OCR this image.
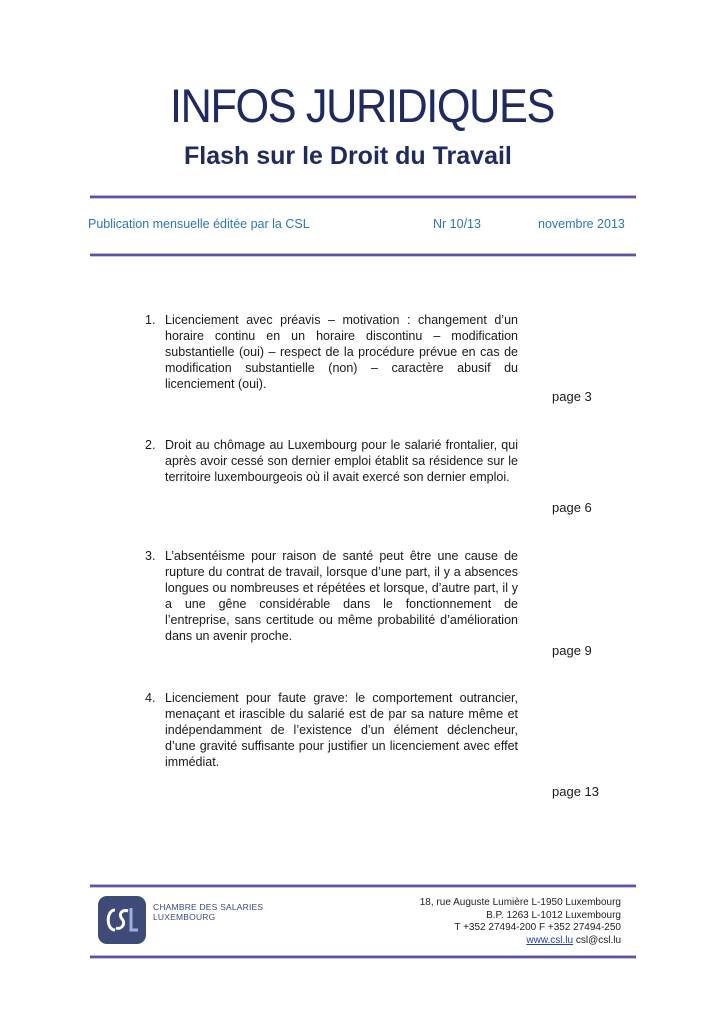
INFOS JURIDIQUES
Flash sur le Droit du Travail
Publication mensuelle éditée par la CSL	Nr 10/13	novembre 2013
1. Licenciement avec préavis – motivation : changement d’un horaire continu en un horaire discontinu – modification substantielle (oui) – respect de la procédure prévue en cas de modification substantielle (non) – caractère abusif du licenciement (oui).
page 3
2. Droit au chômage au Luxembourg pour le salarié frontalier, qui après avoir cessé son dernier emploi établit sa résidence sur le territoire luxembourgeois où il avait exercé son dernier emploi.
page 6
3. L’absentéisme pour raison de santé peut être une cause de rupture du contrat de travail, lorsque d’une part, il y a absences longues ou nombreuses et répétées et lorsque, d’autre part, il y a une gêne considérable dans le fonctionnement de l’entreprise, sans certitude ou même probabilité d’amélioration dans un avenir proche.
page 9
4. Licenciement pour faute grave: le comportement outrancier, menaçant et irascible du salarié est de par sa nature même et indépendamment de l’existence d’un élément déclencheur, d’une gravité suffisante pour justifier un licenciement avec effet immédiat.
page 13
CHAMBRE DES SALARIES
LUXEMBOURG
18, rue Auguste Lumière L-1950 Luxembourg
B.P. 1263 L-1012 Luxembourg
T +352 27494-200 F +352 27494-250
www.csl.lu csl@csl.lu
